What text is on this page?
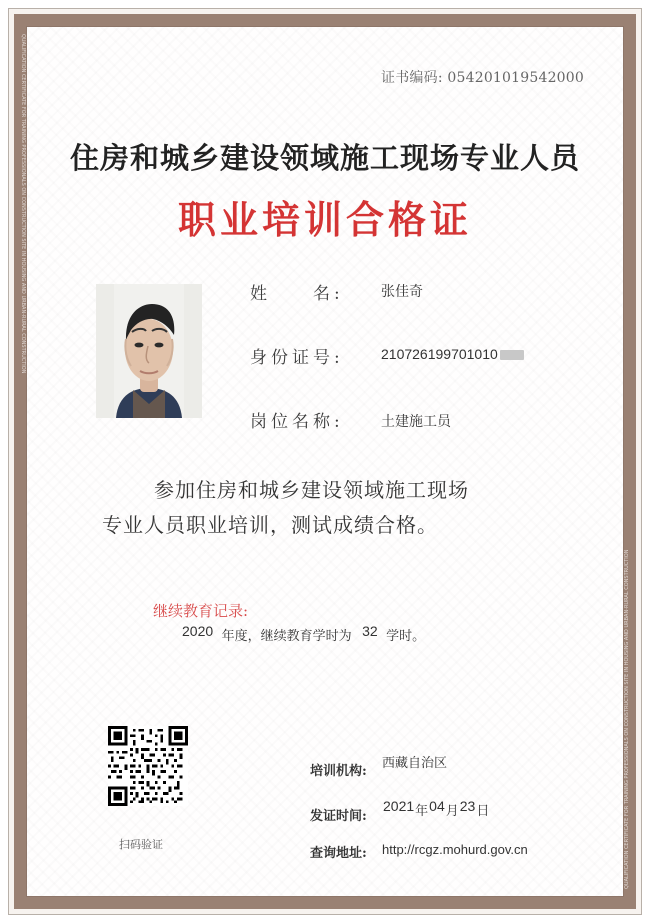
QUALIFICATION CERTIFICATE FOR TRAINING PROFESSIONALS ON CONSTRUCTION SITE IN HOUSING AND URBAN-RURAL CONSTRUCTION
QUALIFICATION CERTIFICATE FOR TRAINING PROFESSIONALS ON CONSTRUCTION SITE IN HOUSING AND URBAN-RURAL CONSTRUCTION
证书编码: 054201019542000
住房和城乡建设领域施工现场专业人员
职业培训合格证
姓　　名:	张佳奇
身份证号:	210726199701010
岗位名称:	土建施工员
参加住房和城乡建设领域施工现场
专业人员职业培训，测试成绩合格。
继续教育记录:
2020 年度，继续教育学时为 32 学时。
扫码验证
培训机构:
西藏自治区
发证时间:
2021年04月23日
查询地址: http://rcgz.mohurd.gov.cn
